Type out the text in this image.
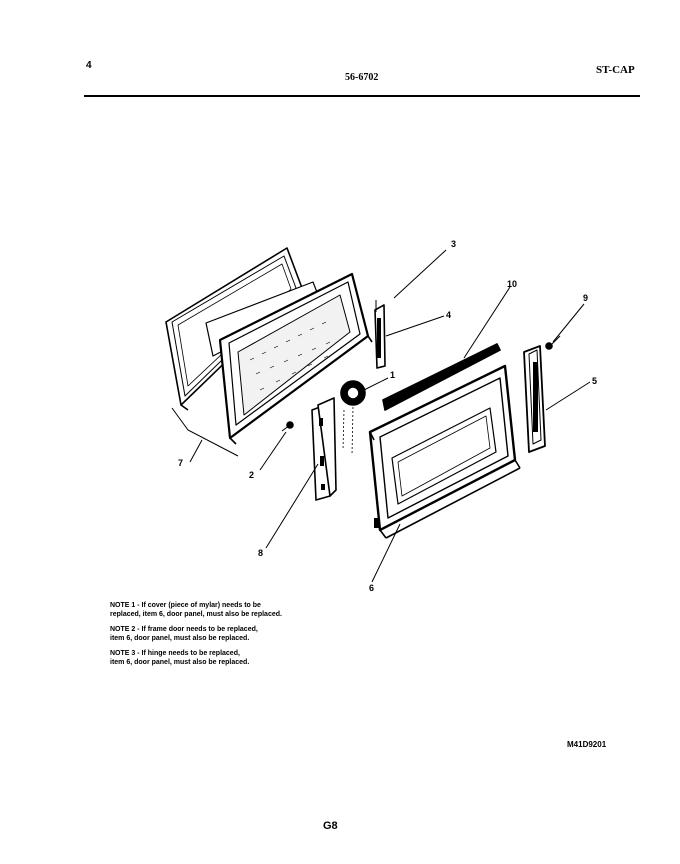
4
56-6702
ST-CAP
3
4
1
10
9
5
2
7
8
6
NOTE 1 - If cover (piece of mylar) needs to be
replaced, item 6, door panel, must also be replaced.
NOTE 2 - If frame door needs to be replaced,
item 6, door panel, must also be replaced.
NOTE 3 - If hinge needs to be replaced,
item 6, door panel, must also be replaced.
M41D9201
G8
